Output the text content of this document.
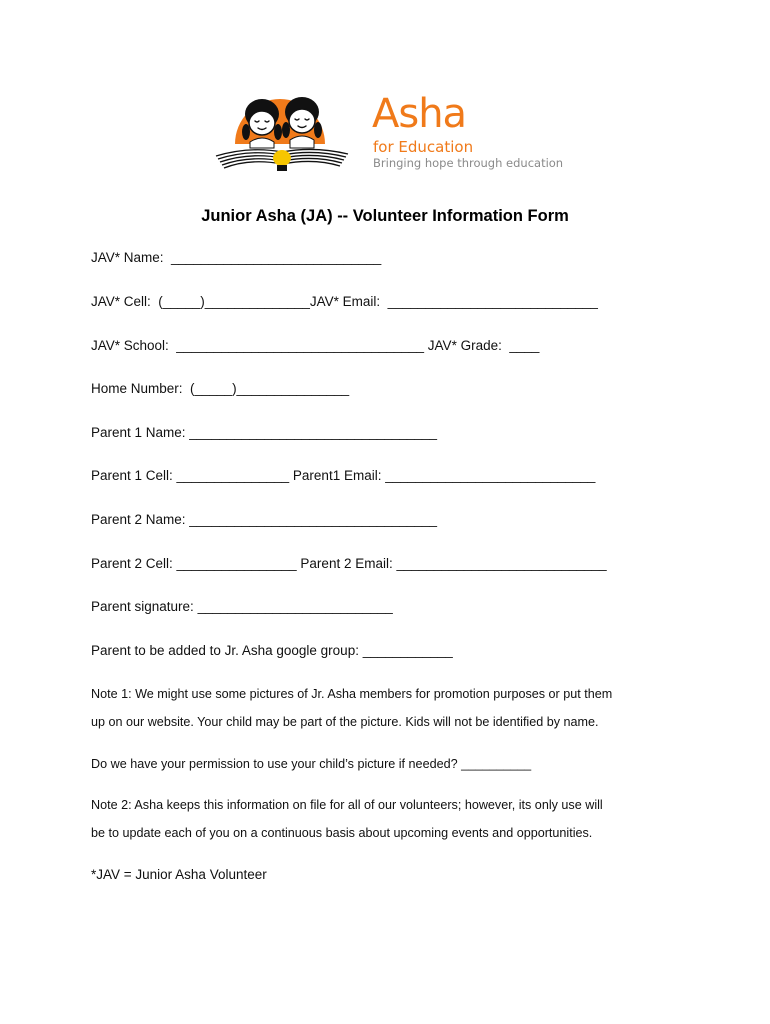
Asha
for Education
Bringing hope through education
Junior Asha (JA) -- Volunteer Information Form
JAV* Name:  ____________________________
JAV* Cell:  (_____)______________JAV* Email:  ____________________________
JAV* School:  _________________________________ JAV* Grade:  ____
Home Number:  (_____)_______________
Parent 1 Name: _________________________________
Parent 1 Cell: _______________ Parent1 Email: ____________________________
Parent 2 Name: _________________________________
Parent 2 Cell: ________________ Parent 2 Email: ____________________________
Parent signature: __________________________
Parent to be added to Jr. Asha google group: ____________
Note 1: We might use some pictures of Jr. Asha members for promotion purposes or put them
up on our website. Your child may be part of the picture. Kids will not be identified by name.
Do we have your permission to use your child’s picture if needed? __________
Note 2: Asha keeps this information on file for all of our volunteers; however, its only use will
be to update each of you on a continuous basis about upcoming events and opportunities.
*JAV = Junior Asha Volunteer
